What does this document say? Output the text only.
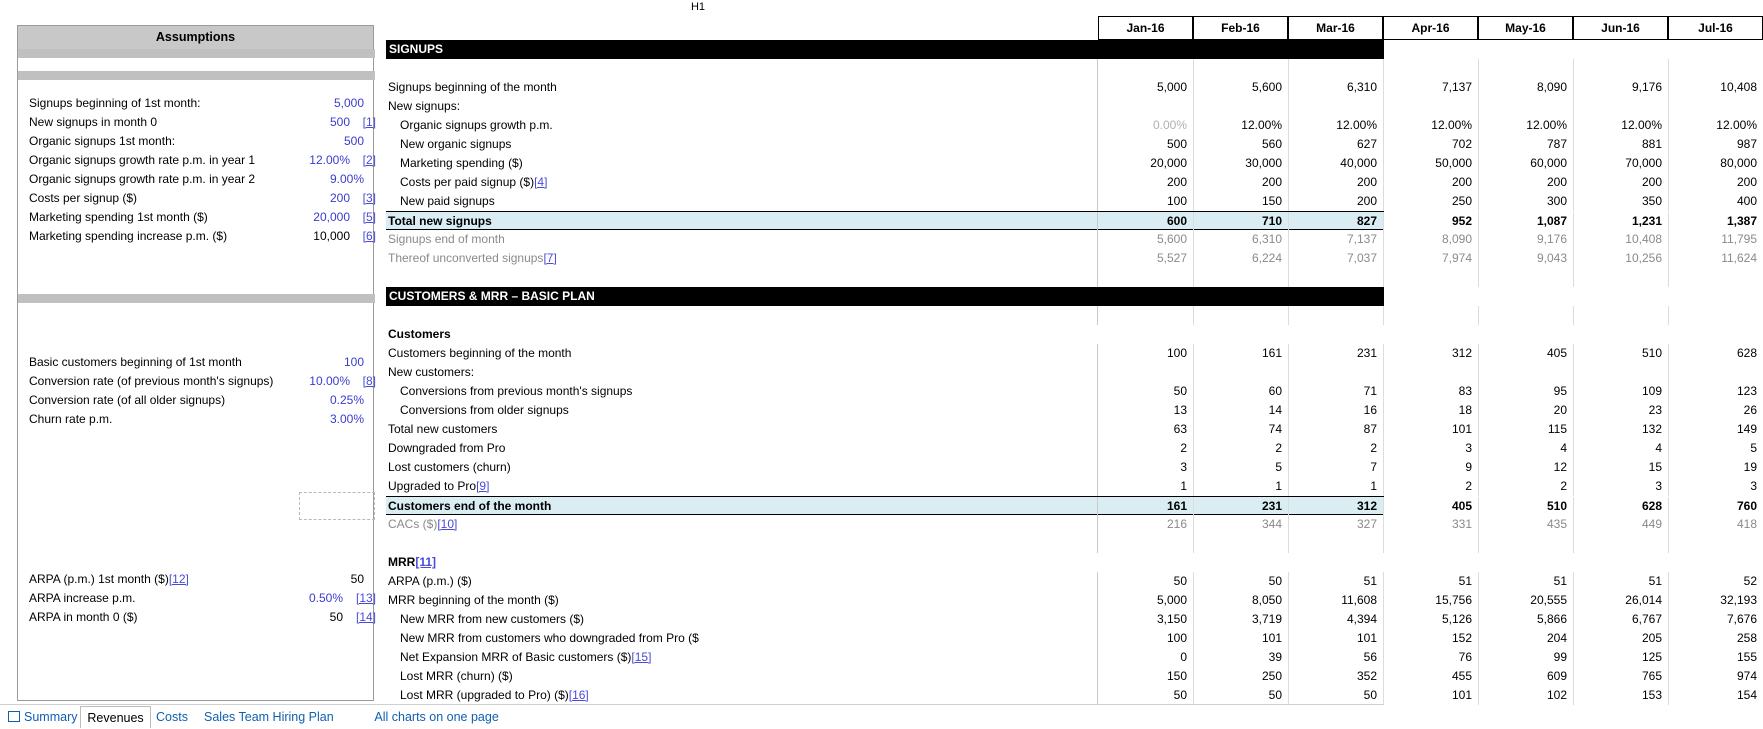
H1
Assumptions
Signups beginning of 1st month:	5,000
New signups in month 0	500 [1]
Organic signups 1st month:	500
Organic signups growth rate p.m. in year 1	12.00% [2]
Organic signups growth rate p.m. in year 2	9.00%
Costs per signup ($)	200 [3]
Marketing spending 1st month ($)	20,000 [5]
Marketing spending increase p.m. ($)	10,000 [6]
Basic customers beginning of 1st month	100
Conversion rate (of previous month's signups)	10.00% [8]
Conversion rate (of all older signups)	0.25%
Churn rate p.m.	3.00%
ARPA (p.m.) 1st month ($)[12]	50
ARPA increase p.m.	0.50% [13]
ARPA in month 0 ($)	50 [14]
Jan-16	Feb-16	Mar-16	Apr-16	May-16	Jun-16	Jul-16
SIGNUPS
Signups beginning of the month	5,000	5,600	6,310	7,137	8,090	9,176	10,408
New signups:
Organic signups growth p.m.	0.00%	12.00%	12.00%	12.00%	12.00%	12.00%	12.00%
New organic signups	500	560	627	702	787	881	987
Marketing spending ($)	20,000	30,000	40,000	50,000	60,000	70,000	80,000
Costs per paid signup ($)[4]	200	200	200	200	200	200	200
New paid signups	100	150	200	250	300	350	400
Total new signups	600	710	827	952	1,087	1,231	1,387
Signups end of month	5,600	6,310	7,137	8,090	9,176	10,408	11,795
Thereof unconverted signups[7]	5,527	6,224	7,037	7,974	9,043	10,256	11,624
CUSTOMERS & MRR – BASIC PLAN
Customers
Customers beginning of the month	100	161	231	312	405	510	628
New customers:
Conversions from previous month's signups	50	60	71	83	95	109	123
Conversions from older signups	13	14	16	18	20	23	26
Total new customers	63	74	87	101	115	132	149
Downgraded from Pro	2	2	2	3	4	4	5
Lost customers (churn)	3	5	7	9	12	15	19
Upgraded to Pro[9]	1	1	1	2	2	3	3
Customers end of the month	161	231	312	405	510	628	760
CACs ($)[10]	216	344	327	331	435	449	418
MRR[11]
ARPA (p.m.) ($)	50	50	51	51	51	51	52
MRR beginning of the month ($)	5,000	8,050	11,608	15,756	20,555	26,014	32,193
New MRR from new customers ($)	3,150	3,719	4,394	5,126	5,866	6,767	7,676
New MRR from customers who downgraded from Pro ($	100	101	101	152	204	205	258
Net Expansion MRR of Basic customers ($)[15]	0	39	56	76	99	125	155
Lost MRR (churn) ($)	150	250	352	455	609	765	974
Lost MRR (upgraded to Pro) ($)[16]	50	50	50	101	102	153	154
Summary Revenues Costs	Sales Team Hiring Plan	All charts on one page
